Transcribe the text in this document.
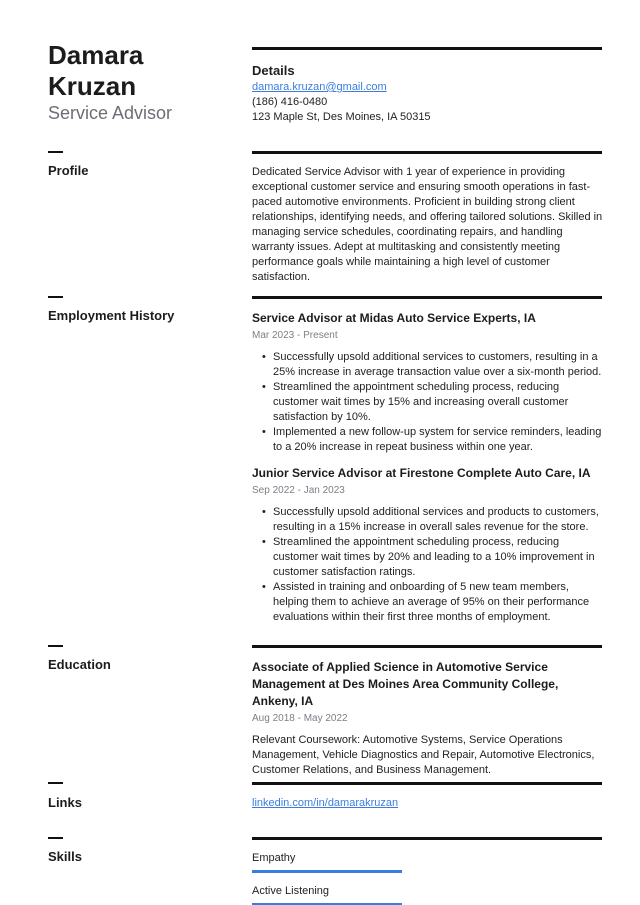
Damara
Kruzan
Service Advisor
Details
damara.kruzan@gmail.com
(186) 416-0480
123 Maple St, Des Moines, IA 50315
Profile	Dedicated Service Advisor with 1 year of experience in providing exceptional customer service and ensuring smooth operations in fast-paced automotive environments. Proficient in building strong client relationships, identifying needs, and offering tailored solutions. Skilled in managing service schedules, coordinating repairs, and handling warranty issues. Adept at multitasking and consistently meeting performance goals while maintaining a high level of customer satisfaction.
Employment History	Service Advisor at Midas Auto Service Experts, IA
Mar 2023 - Present
• Successfully upsold additional services to customers, resulting in a 25% increase in average transaction value over a six-month period.
• Streamlined the appointment scheduling process, reducing customer wait times by 15% and increasing overall customer satisfaction by 10%.
• Implemented a new follow-up system for service reminders, leading to a 20% increase in repeat business within one year.
Junior Service Advisor at Firestone Complete Auto Care, IA
Sep 2022 - Jan 2023
• Successfully upsold additional services and products to customers, resulting in a 15% increase in overall sales revenue for the store.
• Streamlined the appointment scheduling process, reducing customer wait times by 20% and leading to a 10% improvement in customer satisfaction ratings.
• Assisted in training and onboarding of 5 new team members, helping them to achieve an average of 95% on their performance evaluations within their first three months of employment.
Education	Associate of Applied Science in Automotive Service Management at Des Moines Area Community College, Ankeny, IA
Aug 2018 - May 2022
Relevant Coursework: Automotive Systems, Service Operations Management, Vehicle Diagnostics and Repair, Automotive Electronics, Customer Relations, and Business Management.
Links	linkedin.com/in/damarakruzan
Skills	Empathy
Active Listening
